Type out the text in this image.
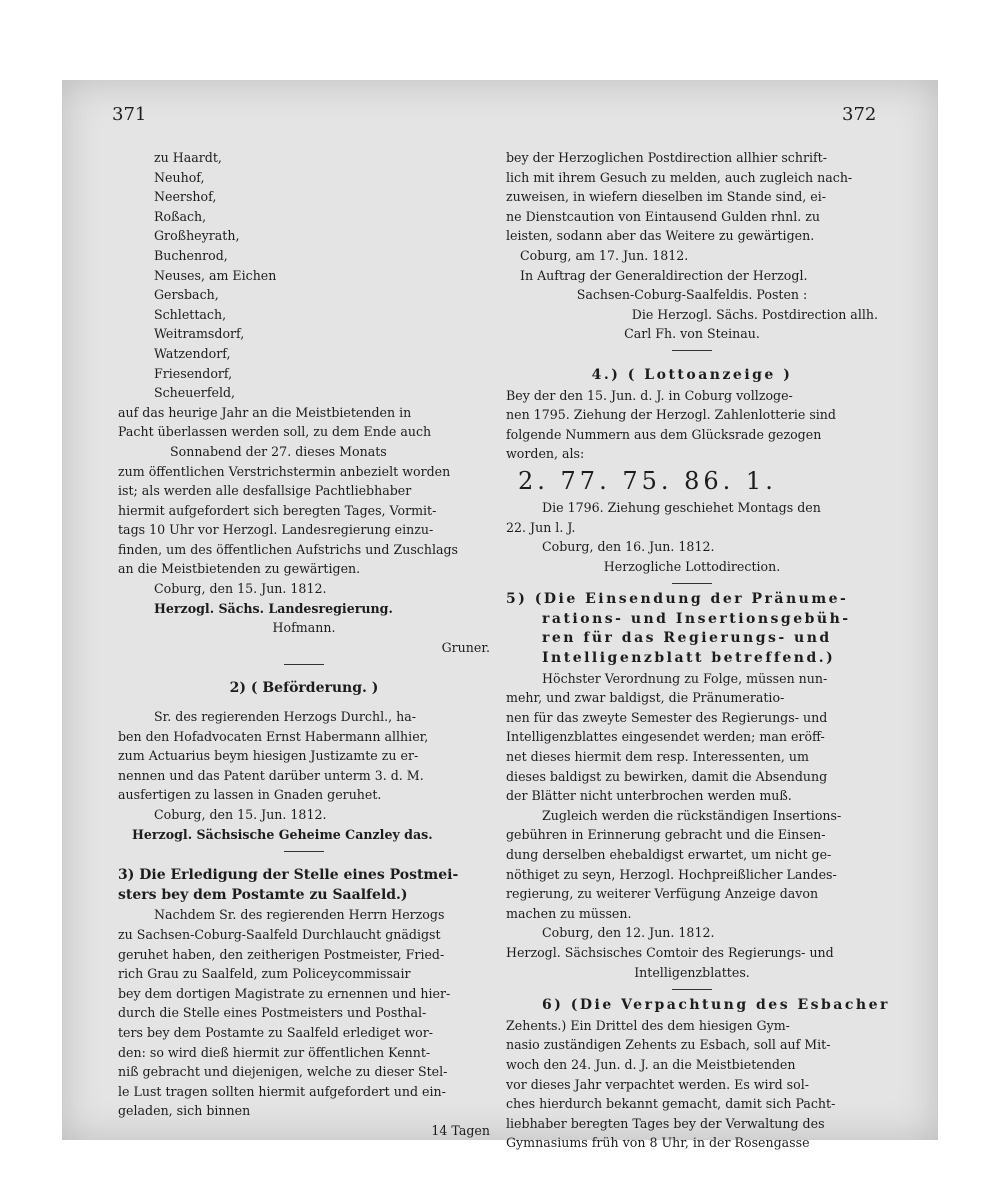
371	372

zu Haardt,

Neuhof,

Neershof,

Roßach,

Großheyrath,

Buchenrod,

Neuses, am Eichen

Gersbach,

Schlettach,

Weitramsdorf,

Watzendorf,

Friesendorf,

Scheuerfeld,

auf das heurige Jahr an die Meistbietenden in

Pacht überlassen werden soll, zu dem Ende auch

Sonnabend der 27. dieses Monats

zum öffentlichen Verstrichstermin anbezielt worden

ist; als werden alle desfallsige Pachtliebhaber

hiermit aufgefordert sich beregten Tages, Vormit-

tags 10 Uhr vor Herzogl. Landesregierung einzu-

finden, um des öffentlichen Aufstrichs und Zuschlags

an die Meistbietenden zu gewärtigen.

Coburg, den 15. Jun. 1812.

Herzogl. Sächs. Landesregierung.

Hofmann.

Gruner.

2) ( Beförderung. )

Sr. des regierenden Herzogs Durchl., ha-

ben den Hofadvocaten Ernst Habermann allhier,

zum Actuarius beym hiesigen Justizamte zu er-

nennen und das Patent darüber unterm 3. d. M.

ausfertigen zu lassen in Gnaden geruhet.

Coburg, den 15. Jun. 1812.

Herzogl. Sächsische Geheime Canzley das.

3) Die Erledigung der Stelle eines Postmei-

sters bey dem Postamte zu Saalfeld.)

Nachdem Sr. des regierenden Herrn Herzogs

zu Sachsen-Coburg-Saalfeld Durchlaucht gnädigst

geruhet haben, den zeitherigen Postmeister, Fried-

rich Grau zu Saalfeld, zum Policeycommissair

bey dem dortigen Magistrate zu ernennen und hier-

durch die Stelle eines Postmeisters und Posthal-

ters bey dem Postamte zu Saalfeld erlediget wor-

den: so wird dieß hiermit zur öffentlichen Kennt-

niß gebracht und diejenigen, welche zu dieser Stel-

le Lust tragen sollten hiermit aufgefordert und ein-

geladen, sich binnen

14 Tagen

bey der Herzoglichen Postdirection allhier schrift-

lich mit ihrem Gesuch zu melden, auch zugleich nach-

zuweisen, in wiefern dieselben im Stande sind, ei-

ne Dienstcaution von Eintausend Gulden rhnl. zu

leisten, sodann aber das Weitere zu gewärtigen.

Coburg, am 17. Jun. 1812.

In Auftrag der Generaldirection der Herzogl.

Sachsen-Coburg-Saalfeldis. Posten :

Die Herzogl. Sächs. Postdirection allh.

Carl Fh. von Steinau.

4.) ( Lottoanzeige )

Bey der den 15. Jun. d. J. in Coburg vollzoge-

nen 1795. Ziehung der Herzogl. Zahlenlotterie sind

folgende Nummern aus dem Glücksrade gezogen

worden, als:

2. 77. 75. 86. 1.

Die 1796. Ziehung geschiehet Montags den

22. Jun l. J.

Coburg, den 16. Jun. 1812.

Herzogliche Lottodirection.

5) (Die Einsendung der Pränume-

rations- und Insertionsgebüh-

ren für das Regierungs- und

Intelligenzblatt betreffend.)

Höchster Verordnung zu Folge, müssen nun-

mehr, und zwar baldigst, die Pränumeratio-

nen für das zweyte Semester des Regierungs- und

Intelligenzblattes eingesendet werden; man eröff-

net dieses hiermit dem resp. Interessenten, um

dieses baldigst zu bewirken, damit die Absendung

der Blätter nicht unterbrochen werden muß.

Zugleich werden die rückständigen Insertions-

gebühren in Erinnerung gebracht und die Einsen-

dung derselben ehebaldigst erwartet, um nicht ge-

nöthiget zu seyn, Herzogl. Hochpreißlicher Landes-

regierung, zu weiterer Verfügung Anzeige davon

machen zu müssen.

Coburg, den 12. Jun. 1812.

Herzogl. Sächsisches Comtoir des Regierungs- und

Intelligenzblattes.

6) (Die Verpachtung des Esbacher

Zehents.) Ein Drittel des dem hiesigen Gym-

nasio zuständigen Zehents zu Esbach, soll auf Mit-

woch den 24. Jun. d. J. an die Meistbietenden

vor dieses Jahr verpachtet werden. Es wird sol-

ches hierdurch bekannt gemacht, damit sich Pacht-

liebhaber beregten Tages bey der Verwaltung des

Gymnasiums früh von 8 Uhr, in der Rosengasse
